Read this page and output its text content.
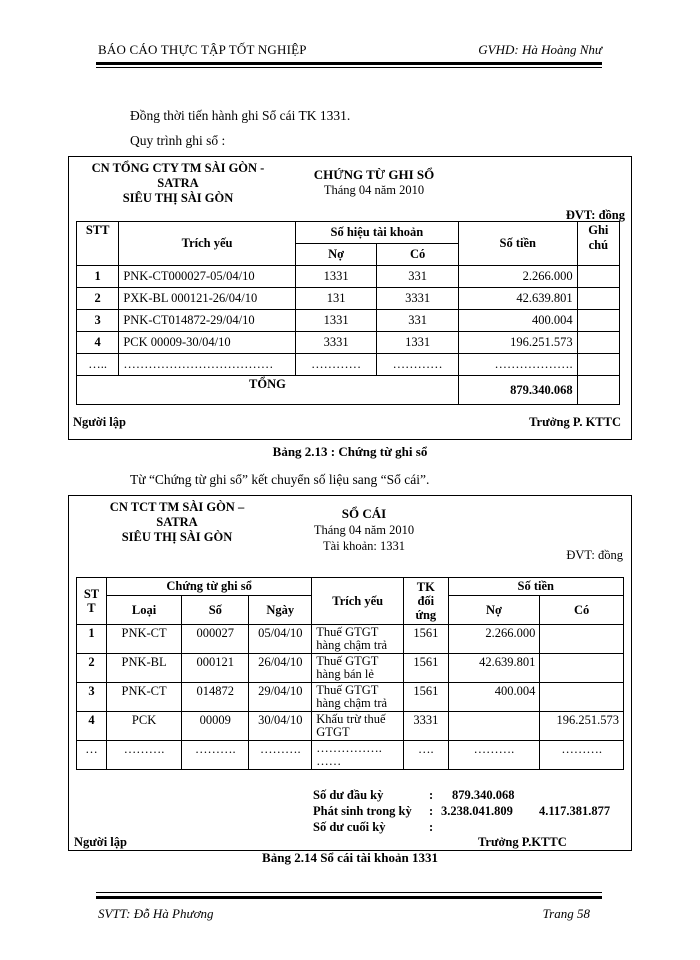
BÁO CÁO THỰC TẬP TỐT NGHIỆP	GVHD: Hà Hoàng Như
Đồng thời tiến hành ghi Sổ cái TK 1331.
Quy trình ghi sổ :
CN TỔNG CTY TM SÀI GÒN -
SATRA
SIÊU THỊ SÀI GÒN
CHỨNG TỪ GHI SỔ
Tháng 04 năm 2010
ĐVT: đồng
STT	Trích yếu	Số hiệu tài khoản		Số tiền	Ghi chú
		Nợ	Có		
1	PNK-CT000027-05/04/10	1331	331	2.266.000	
2	PXK-BL 000121-26/04/10	131	3331	42.639.801	
3	PNK-CT014872-29/04/10	1331	331	400.004	
4	PCK 00009-30/04/10	3331	1331	196.251.573	
…..	………………………………	…………	…………	……………….	
TỔNG				879.340.068	
Người lập	Trưởng P. KTTC
Bảng 2.13 : Chứng từ ghi sổ
Từ “Chứng từ ghi sổ” kết chuyển số liệu sang “Sổ cái”.
CN TCT TM SÀI GÒN –
SATRA
SIÊU THỊ SÀI GÒN
SỔ CÁI
Tháng 04 năm 2010
Tài khoản: 1331
ĐVT: đồng
ST T	Chứng từ ghi sổ			Trích yếu	TK đối ứng	Số tiền	
	Loại	Số	Ngày			Nợ	Có
1	PNK-CT	000027	05/04/10	Thuế GTGT hàng chậm trả	1561	2.266.000	
2	PNK-BL	000121	26/04/10	Thuế GTGT hàng bán lẻ	1561	42.639.801	
3	PNK-CT	014872	29/04/10	Thuế GTGT hàng chậm trả	1561	400.004	
4	PCK	00009	30/04/10	Khấu trừ thuế GTGT	3331		196.251.573
…	……….	……….	……….	……………. ……	….	……….	……….
Số dư đầu kỳ	: 879.340.068
Phát sinh trong kỳ : 3.238.041.809 4.117.381.877
Số dư cuối kỳ	:
Người lập	Trưởng P.KTTC
Bảng 2.14 Sổ cái tài khoản 1331
SVTT: Đỗ Hà Phương	Trang 58
